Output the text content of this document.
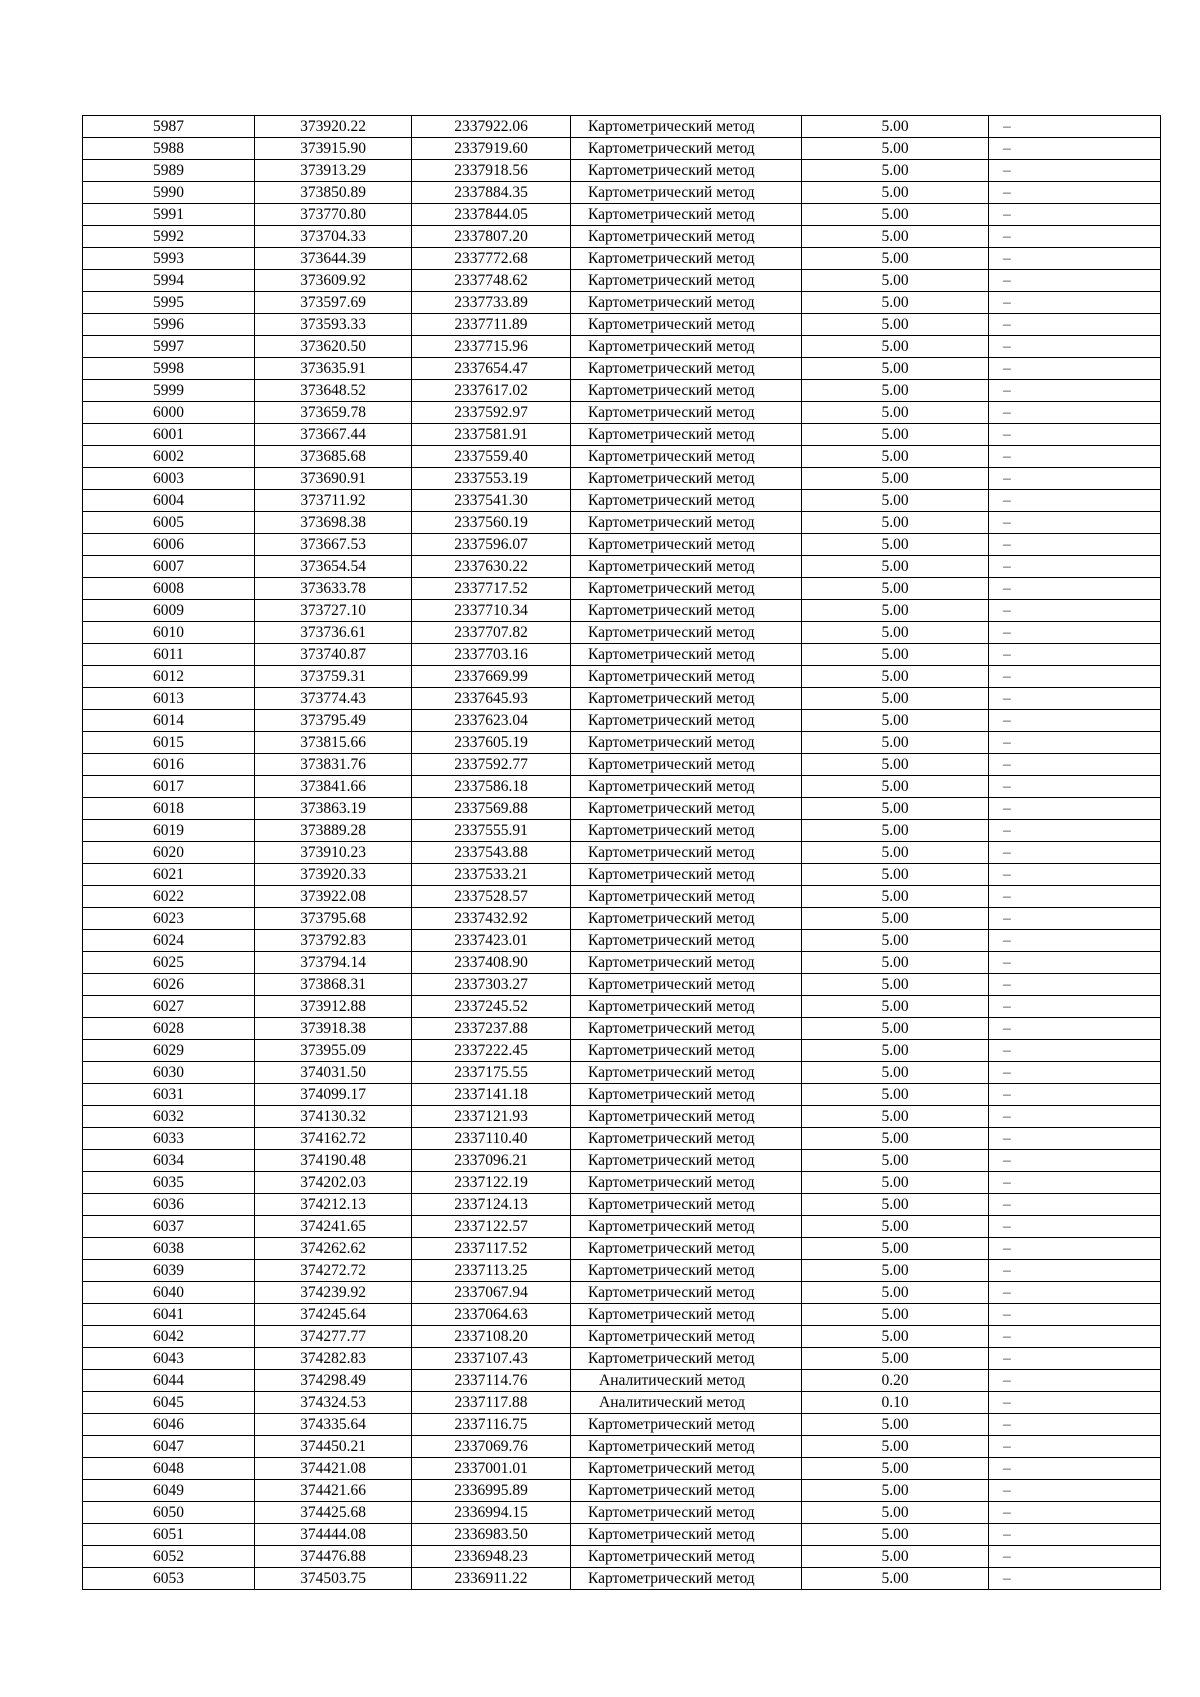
5987	373920.22	2337922.06	Картометрический метод	5.00	–
5988	373915.90	2337919.60	Картометрический метод	5.00	–
5989	373913.29	2337918.56	Картометрический метод	5.00	–
5990	373850.89	2337884.35	Картометрический метод	5.00	–
5991	373770.80	2337844.05	Картометрический метод	5.00	–
5992	373704.33	2337807.20	Картометрический метод	5.00	–
5993	373644.39	2337772.68	Картометрический метод	5.00	–
5994	373609.92	2337748.62	Картометрический метод	5.00	–
5995	373597.69	2337733.89	Картометрический метод	5.00	–
5996	373593.33	2337711.89	Картометрический метод	5.00	–
5997	373620.50	2337715.96	Картометрический метод	5.00	–
5998	373635.91	2337654.47	Картометрический метод	5.00	–
5999	373648.52	2337617.02	Картометрический метод	5.00	–
6000	373659.78	2337592.97	Картометрический метод	5.00	–
6001	373667.44	2337581.91	Картометрический метод	5.00	–
6002	373685.68	2337559.40	Картометрический метод	5.00	–
6003	373690.91	2337553.19	Картометрический метод	5.00	–
6004	373711.92	2337541.30	Картометрический метод	5.00	–
6005	373698.38	2337560.19	Картометрический метод	5.00	–
6006	373667.53	2337596.07	Картометрический метод	5.00	–
6007	373654.54	2337630.22	Картометрический метод	5.00	–
6008	373633.78	2337717.52	Картометрический метод	5.00	–
6009	373727.10	2337710.34	Картометрический метод	5.00	–
6010	373736.61	2337707.82	Картометрический метод	5.00	–
6011	373740.87	2337703.16	Картометрический метод	5.00	–
6012	373759.31	2337669.99	Картометрический метод	5.00	–
6013	373774.43	2337645.93	Картометрический метод	5.00	–
6014	373795.49	2337623.04	Картометрический метод	5.00	–
6015	373815.66	2337605.19	Картометрический метод	5.00	–
6016	373831.76	2337592.77	Картометрический метод	5.00	–
6017	373841.66	2337586.18	Картометрический метод	5.00	–
6018	373863.19	2337569.88	Картометрический метод	5.00	–
6019	373889.28	2337555.91	Картометрический метод	5.00	–
6020	373910.23	2337543.88	Картометрический метод	5.00	–
6021	373920.33	2337533.21	Картометрический метод	5.00	–
6022	373922.08	2337528.57	Картометрический метод	5.00	–
6023	373795.68	2337432.92	Картометрический метод	5.00	–
6024	373792.83	2337423.01	Картометрический метод	5.00	–
6025	373794.14	2337408.90	Картометрический метод	5.00	–
6026	373868.31	2337303.27	Картометрический метод	5.00	–
6027	373912.88	2337245.52	Картометрический метод	5.00	–
6028	373918.38	2337237.88	Картометрический метод	5.00	–
6029	373955.09	2337222.45	Картометрический метод	5.00	–
6030	374031.50	2337175.55	Картометрический метод	5.00	–
6031	374099.17	2337141.18	Картометрический метод	5.00	–
6032	374130.32	2337121.93	Картометрический метод	5.00	–
6033	374162.72	2337110.40	Картометрический метод	5.00	–
6034	374190.48	2337096.21	Картометрический метод	5.00	–
6035	374202.03	2337122.19	Картометрический метод	5.00	–
6036	374212.13	2337124.13	Картометрический метод	5.00	–
6037	374241.65	2337122.57	Картометрический метод	5.00	–
6038	374262.62	2337117.52	Картометрический метод	5.00	–
6039	374272.72	2337113.25	Картометрический метод	5.00	–
6040	374239.92	2337067.94	Картометрический метод	5.00	–
6041	374245.64	2337064.63	Картометрический метод	5.00	–
6042	374277.77	2337108.20	Картометрический метод	5.00	–
6043	374282.83	2337107.43	Картометрический метод	5.00	–
6044	374298.49	2337114.76	Аналитический метод	0.20	–
6045	374324.53	2337117.88	Аналитический метод	0.10	–
6046	374335.64	2337116.75	Картометрический метод	5.00	–
6047	374450.21	2337069.76	Картометрический метод	5.00	–
6048	374421.08	2337001.01	Картометрический метод	5.00	–
6049	374421.66	2336995.89	Картометрический метод	5.00	–
6050	374425.68	2336994.15	Картометрический метод	5.00	–
6051	374444.08	2336983.50	Картометрический метод	5.00	–
6052	374476.88	2336948.23	Картометрический метод	5.00	–
6053	374503.75	2336911.22	Картометрический метод	5.00	–
